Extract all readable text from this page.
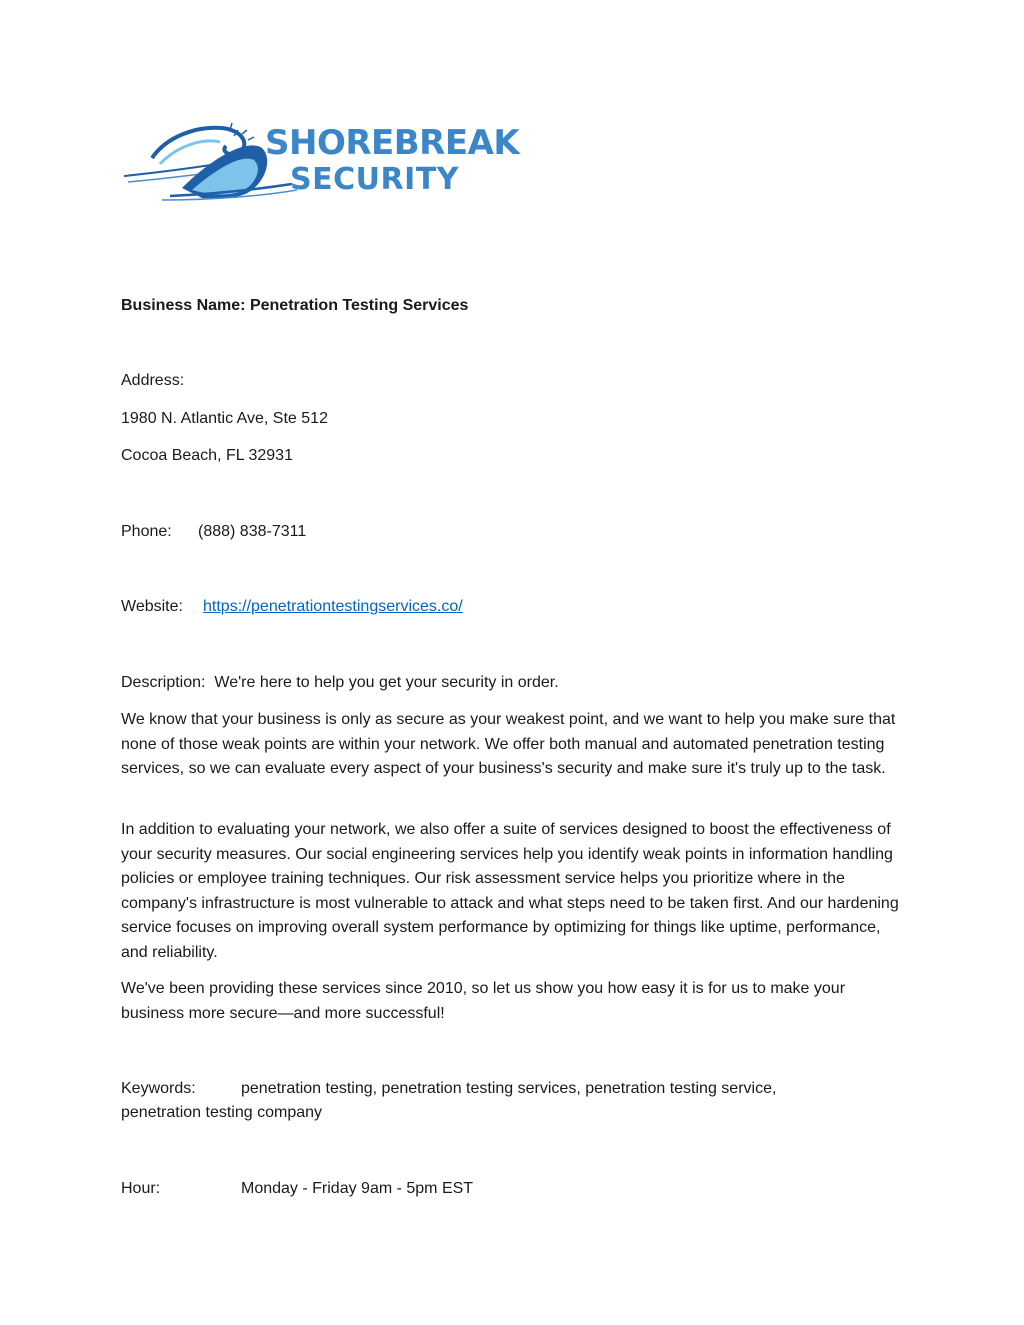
SHOREBREAK
SECURITY
Business Name: Penetration Testing Services
Address:
1980 N. Atlantic Ave, Ste 512
Cocoa Beach, FL 32931
Phone: (888) 838-7311
Website: https://penetrationtestingservices.co/
Description: We're here to help you get your security in order.
We know that your business is only as secure as your weakest point, and we want to help you make sure that none of those weak points are within your network. We offer both manual and automated penetration testing services, so we can evaluate every aspect of your business's security and make sure it's truly up to the task.
In addition to evaluating your network, we also offer a suite of services designed to boost the effectiveness of your security measures. Our social engineering services help you identify weak points in information handling policies or employee training techniques. Our risk assessment service helps you prioritize where in the company's infrastructure is most vulnerable to attack and what steps need to be taken first. And our hardening service focuses on improving overall system performance by optimizing for things like uptime, performance, and reliability.
We've been providing these services since 2010, so let us show you how easy it is for us to make your business more secure—and more successful!
Keywords:	penetration testing, penetration testing services, penetration testing service,
penetration testing company
Hour:	Monday - Friday 9am - 5pm EST
